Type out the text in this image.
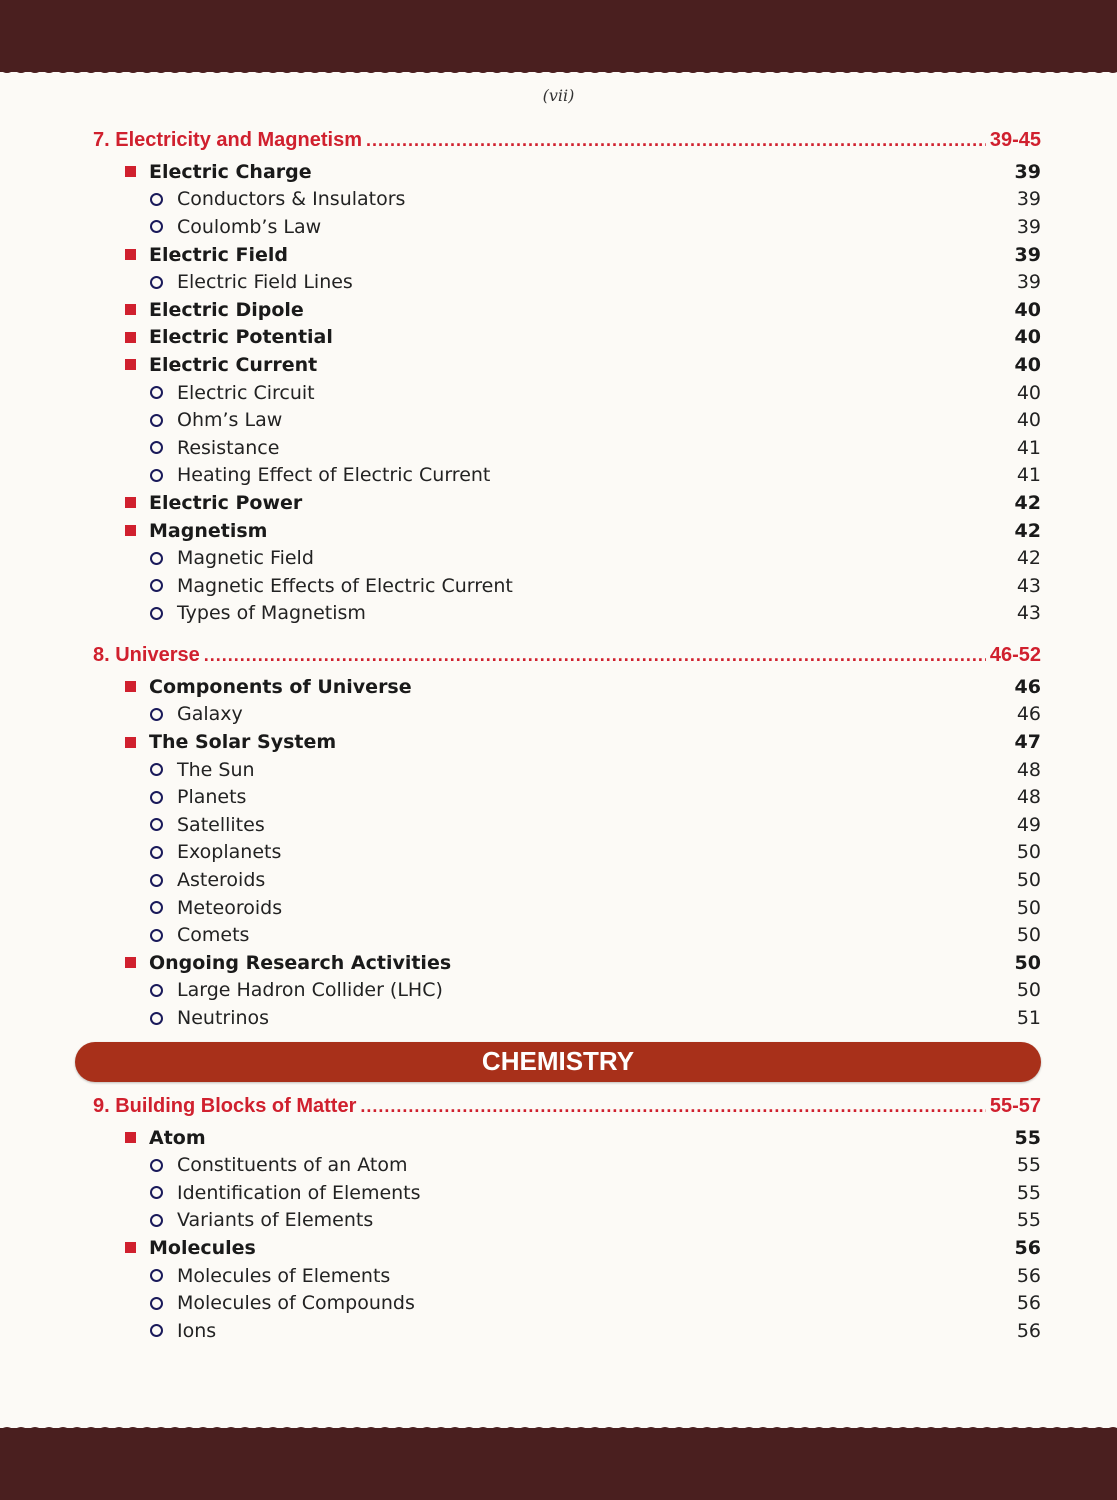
(vii)
7. Electricity and Magnetism .....	39-45
Electric Charge	39
Conductors & Insulators	39
Coulomb’s Law	39
Electric Field	39
Electric Field Lines	39
Electric Dipole	40
Electric Potential	40
Electric Current	40
Electric Circuit	40
Ohm’s Law	40
Resistance	41
Heating Effect of Electric Current	41
Electric Power	42
Magnetism	42
Magnetic Field	42
Magnetic Effects of Electric Current	43
Types of Magnetism	43
8. Universe .....	46-52
Components of Universe	46
Galaxy	46
The Solar System	47
The Sun	48
Planets	48
Satellites	49
Exoplanets	50
Asteroids	50
Meteoroids	50
Comets	50
Ongoing Research Activities	50
Large Hadron Collider (LHC)	50
Neutrinos	51
CHEMISTRY
9. Building Blocks of Matter .....	55-57
Atom	55
Constituents of an Atom	55
Identification of Elements	55
Variants of Elements	55
Molecules	56
Molecules of Elements	56
Molecules of Compounds	56
Ions	56
